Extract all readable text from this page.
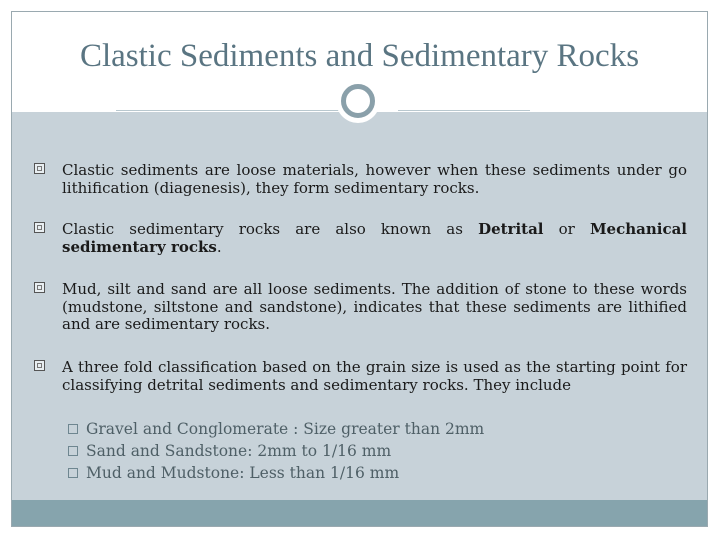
Clastic Sediments and Sedimentary Rocks
Clastic sediments are loose materials, however when these sediments under go lithification (diagenesis), they form sedimentary rocks.
Clastic sedimentary rocks are also known as Detrital or Mechanical sedimentary rocks.
Mud, silt and sand are all loose sediments. The addition of stone to these words (mudstone, siltstone and sandstone), indicates that these sediments are lithified and are sedimentary rocks.
A three fold classification based on the grain size is used as the starting point for classifying detrital sediments and sedimentary rocks. They include
Gravel and Conglomerate : Size greater than 2mm
Sand and Sandstone: 2mm to 1/16 mm
Mud and Mudstone: Less than 1/16 mm
